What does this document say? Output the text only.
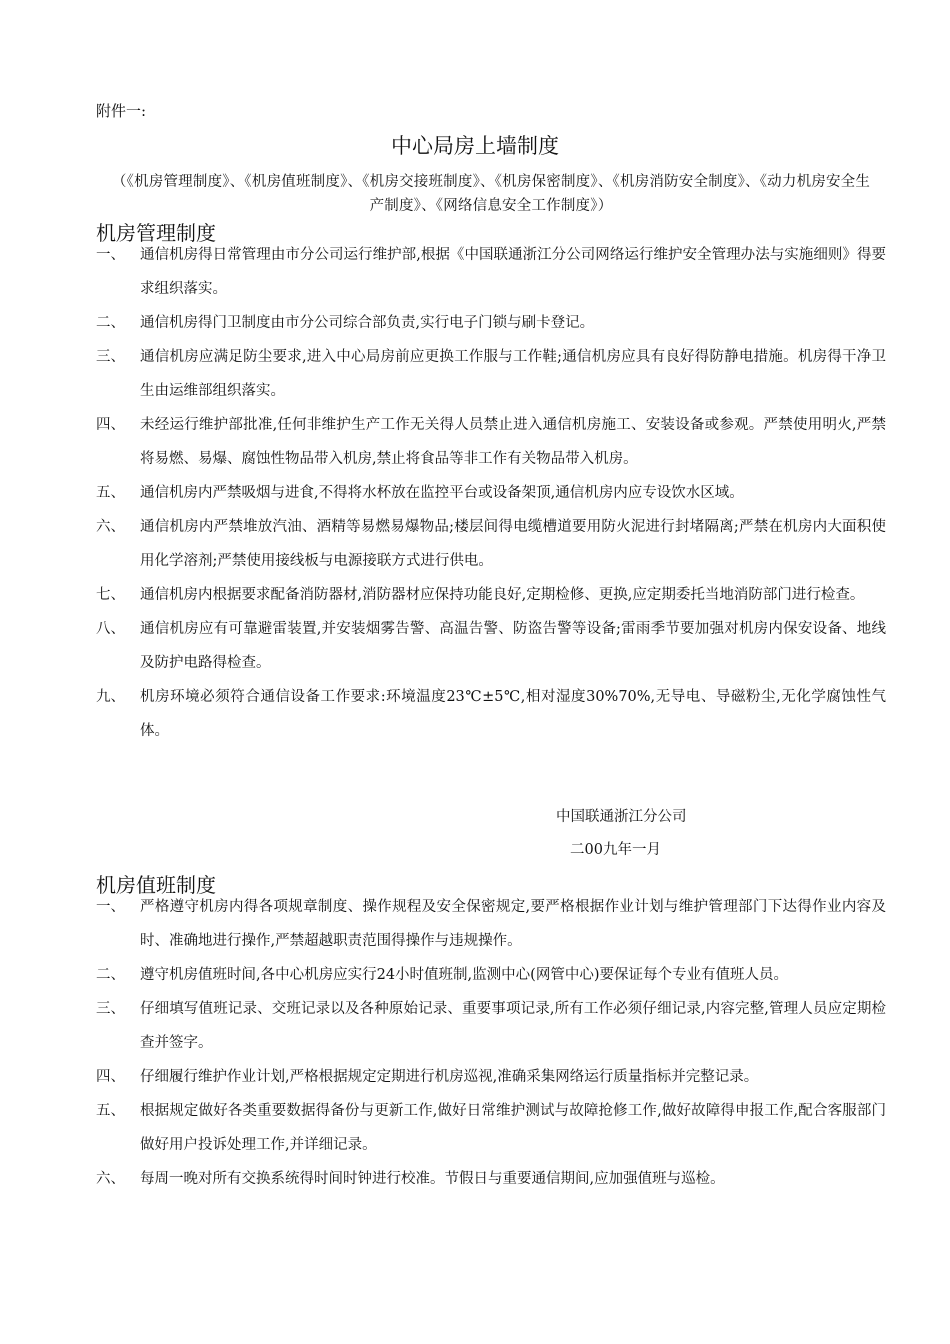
附件一:
中心局房上墙制度
（《机房管理制度》、《机房值班制度》、《机房交接班制度》、《机房保密制度》、《机房消防安全制度》、《动力机房安全生产制度》、《网络信息安全工作制度》）
机房管理制度
一、	通信机房得日常管理由市分公司运行维护部,根据《中国联通浙江分公司网络运行维护安全管理办法与实施细则》得要求组织落实。
二、	通信机房得门卫制度由市分公司综合部负责,实行电子门锁与刷卡登记。
三、	通信机房应满足防尘要求,进入中心局房前应更换工作服与工作鞋;通信机房应具有良好得防静电措施。机房得干净卫生由运维部组织落实。
四、	未经运行维护部批准,任何非维护生产工作无关得人员禁止进入通信机房施工、安装设备或参观。严禁使用明火,严禁将易燃、易爆、腐蚀性物品带入机房,禁止将食品等非工作有关物品带入机房。
五、	通信机房内严禁吸烟与进食,不得将水杯放在监控平台或设备架顶,通信机房内应专设饮水区域。
六、	通信机房内严禁堆放汽油、酒精等易燃易爆物品;楼层间得电缆槽道要用防火泥进行封堵隔离;严禁在机房内大面积使用化学溶剂;严禁使用接线板与电源接联方式进行供电。
七、	通信机房内根据要求配备消防器材,消防器材应保持功能良好,定期检修、更换,应定期委托当地消防部门进行检查。
八、	通信机房应有可靠避雷装置,并安装烟雾告警、高温告警、防盗告警等设备;雷雨季节要加强对机房内保安设备、地线及防护电路得检查。
九、	机房环境必须符合通信设备工作要求:环境温度23℃±5℃,相对湿度30%70%,无导电、导磁粉尘,无化学腐蚀性气体。
中国联通浙江分公司
二00九年一月
机房值班制度
一、	严格遵守机房内得各项规章制度、操作规程及安全保密规定,要严格根据作业计划与维护管理部门下达得作业内容及时、准确地进行操作,严禁超越职责范围得操作与违规操作。
二、	遵守机房值班时间,各中心机房应实行24小时值班制,监测中心(网管中心)要保证每个专业有值班人员。
三、	仔细填写值班记录、交班记录以及各种原始记录、重要事项记录,所有工作必须仔细记录,内容完整,管理人员应定期检查并签字。
四、	仔细履行维护作业计划,严格根据规定定期进行机房巡视,准确采集网络运行质量指标并完整记录。
五、	根据规定做好各类重要数据得备份与更新工作,做好日常维护测试与故障抢修工作,做好故障得申报工作,配合客服部门做好用户投诉处理工作,并详细记录。
六、	每周一晚对所有交换系统得时间时钟进行校准。节假日与重要通信期间,应加强值班与巡检。
